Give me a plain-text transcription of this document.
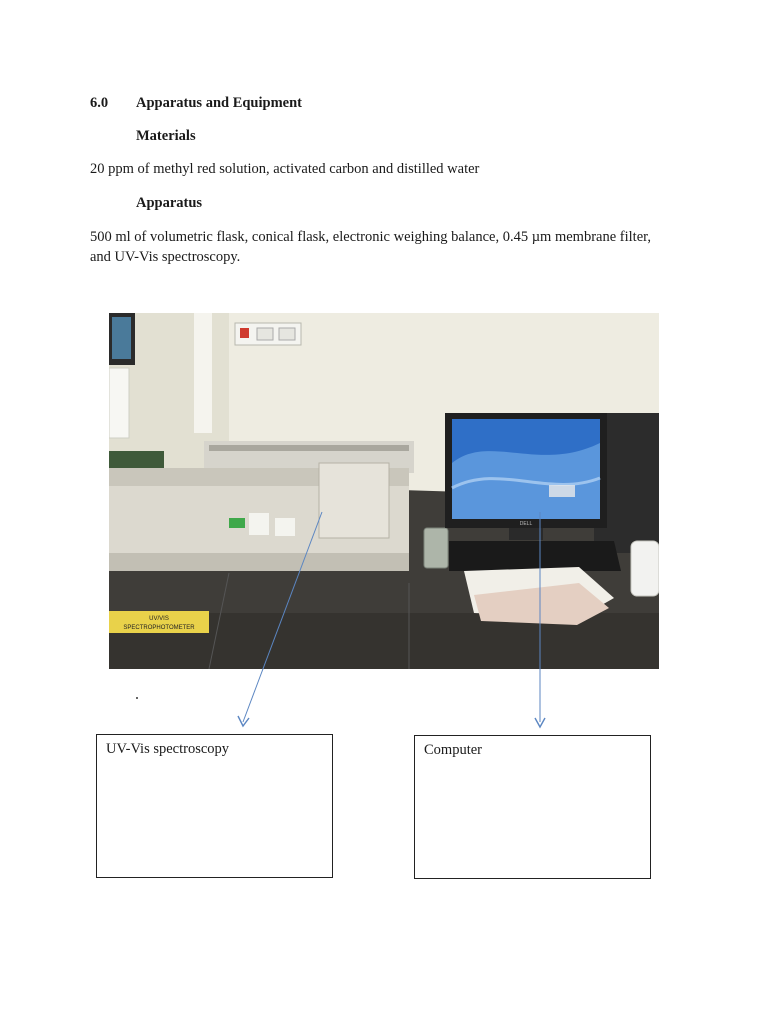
6.0 Apparatus and Equipment
Materials
20 ppm of methyl red solution, activated carbon and distilled water
Apparatus
500 ml of volumetric flask, conical flask, electronic weighing balance, 0.45 µm membrane filter,
and UV-Vis spectroscopy.
UV/VIS
SPECTROPHOTOMETER
DELL
UV-Vis spectroscopy	Computer
